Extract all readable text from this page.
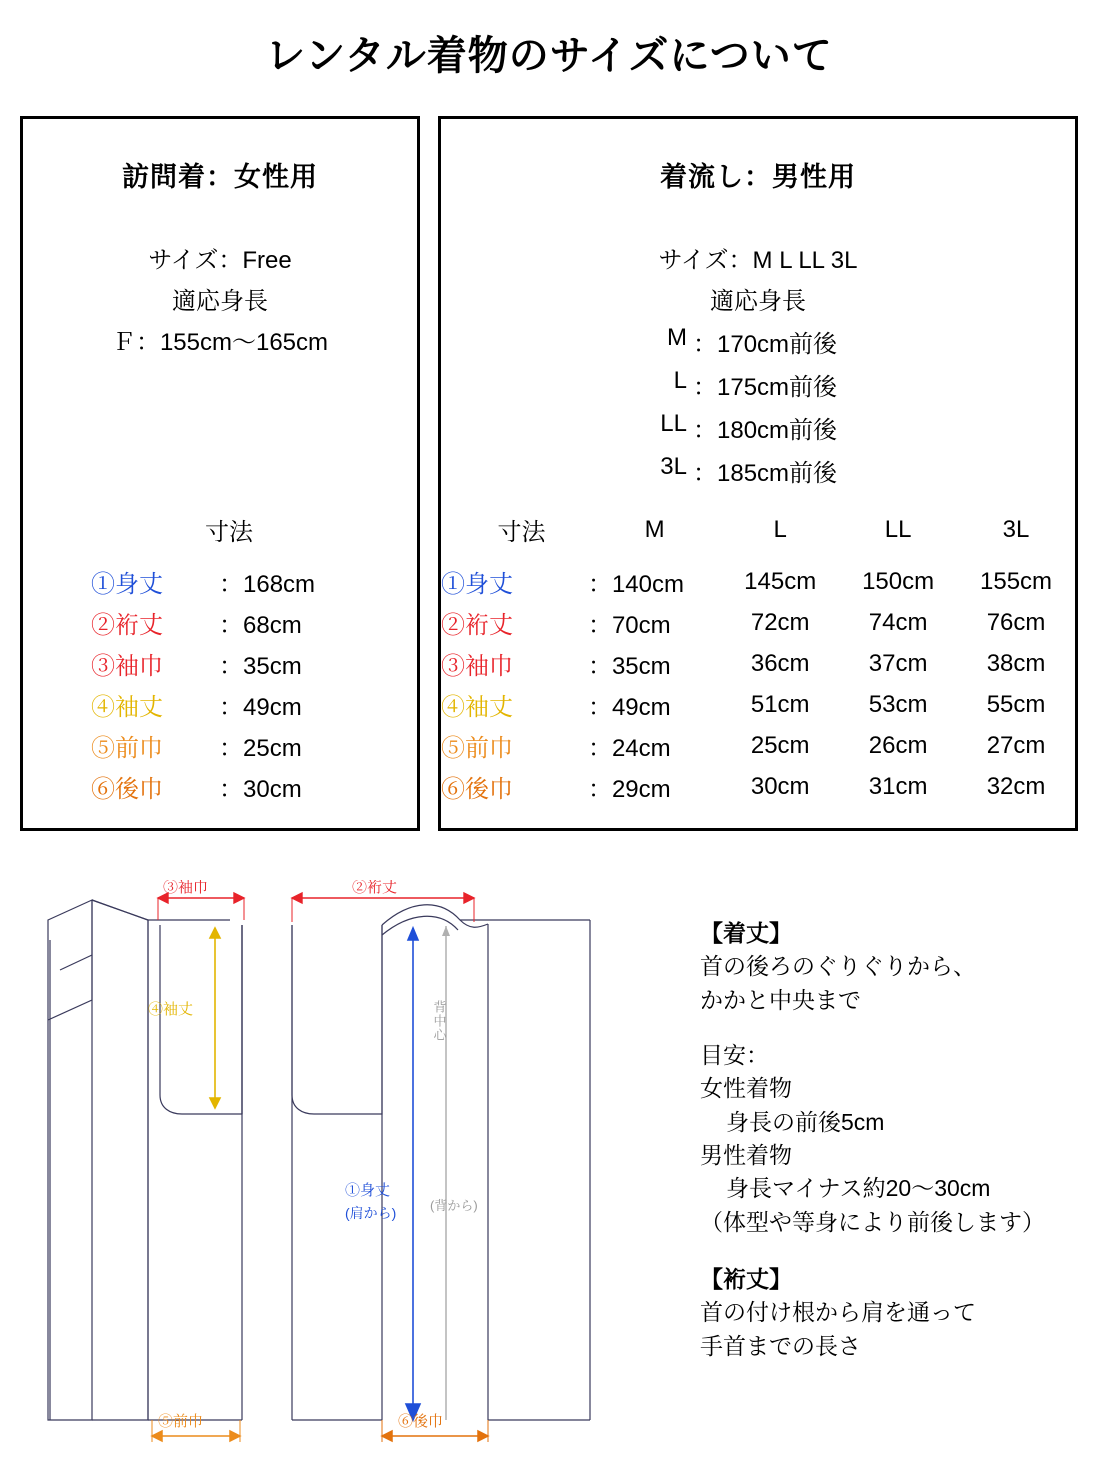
レンタル着物のサイズについて
訪問着：女性用
サイズ：Free
適応身長
Ｆ：155cm〜165cm
寸法	
①身丈	：168cm
②裄丈	：68cm
③袖巾	：35cm
④袖丈	：49cm
⑤前巾	：25cm
⑥後巾	：30cm
着流し：男性用
サイズ：M L LL 3L
適応身長
M ：170cm前後
L ：175cm前後
LL ：180cm前後
3L ：185cm前後
寸法	M	L	LL	3L
①身丈	：140cm	145cm	150cm	155cm
②裄丈	：70cm	72cm	74cm	76cm
③袖巾	：35cm	36cm	37cm	38cm
④袖丈	：49cm	51cm	53cm	55cm
⑤前巾	：24cm	25cm	26cm	27cm
⑥後巾	：29cm	30cm	31cm	32cm
背中心
(背から)
③袖巾	②裄丈
④袖丈
①身丈
(肩から)
⑤前巾	⑥後巾

【着丈】

首の後ろのぐりぐりから、

かかと中央まで

目安：

女性着物

身長の前後5cm

男性着物

身長マイナス約20〜30cm

（体型や等身により前後します）

【裄丈】

首の付け根から肩を通って

手首までの長さ
